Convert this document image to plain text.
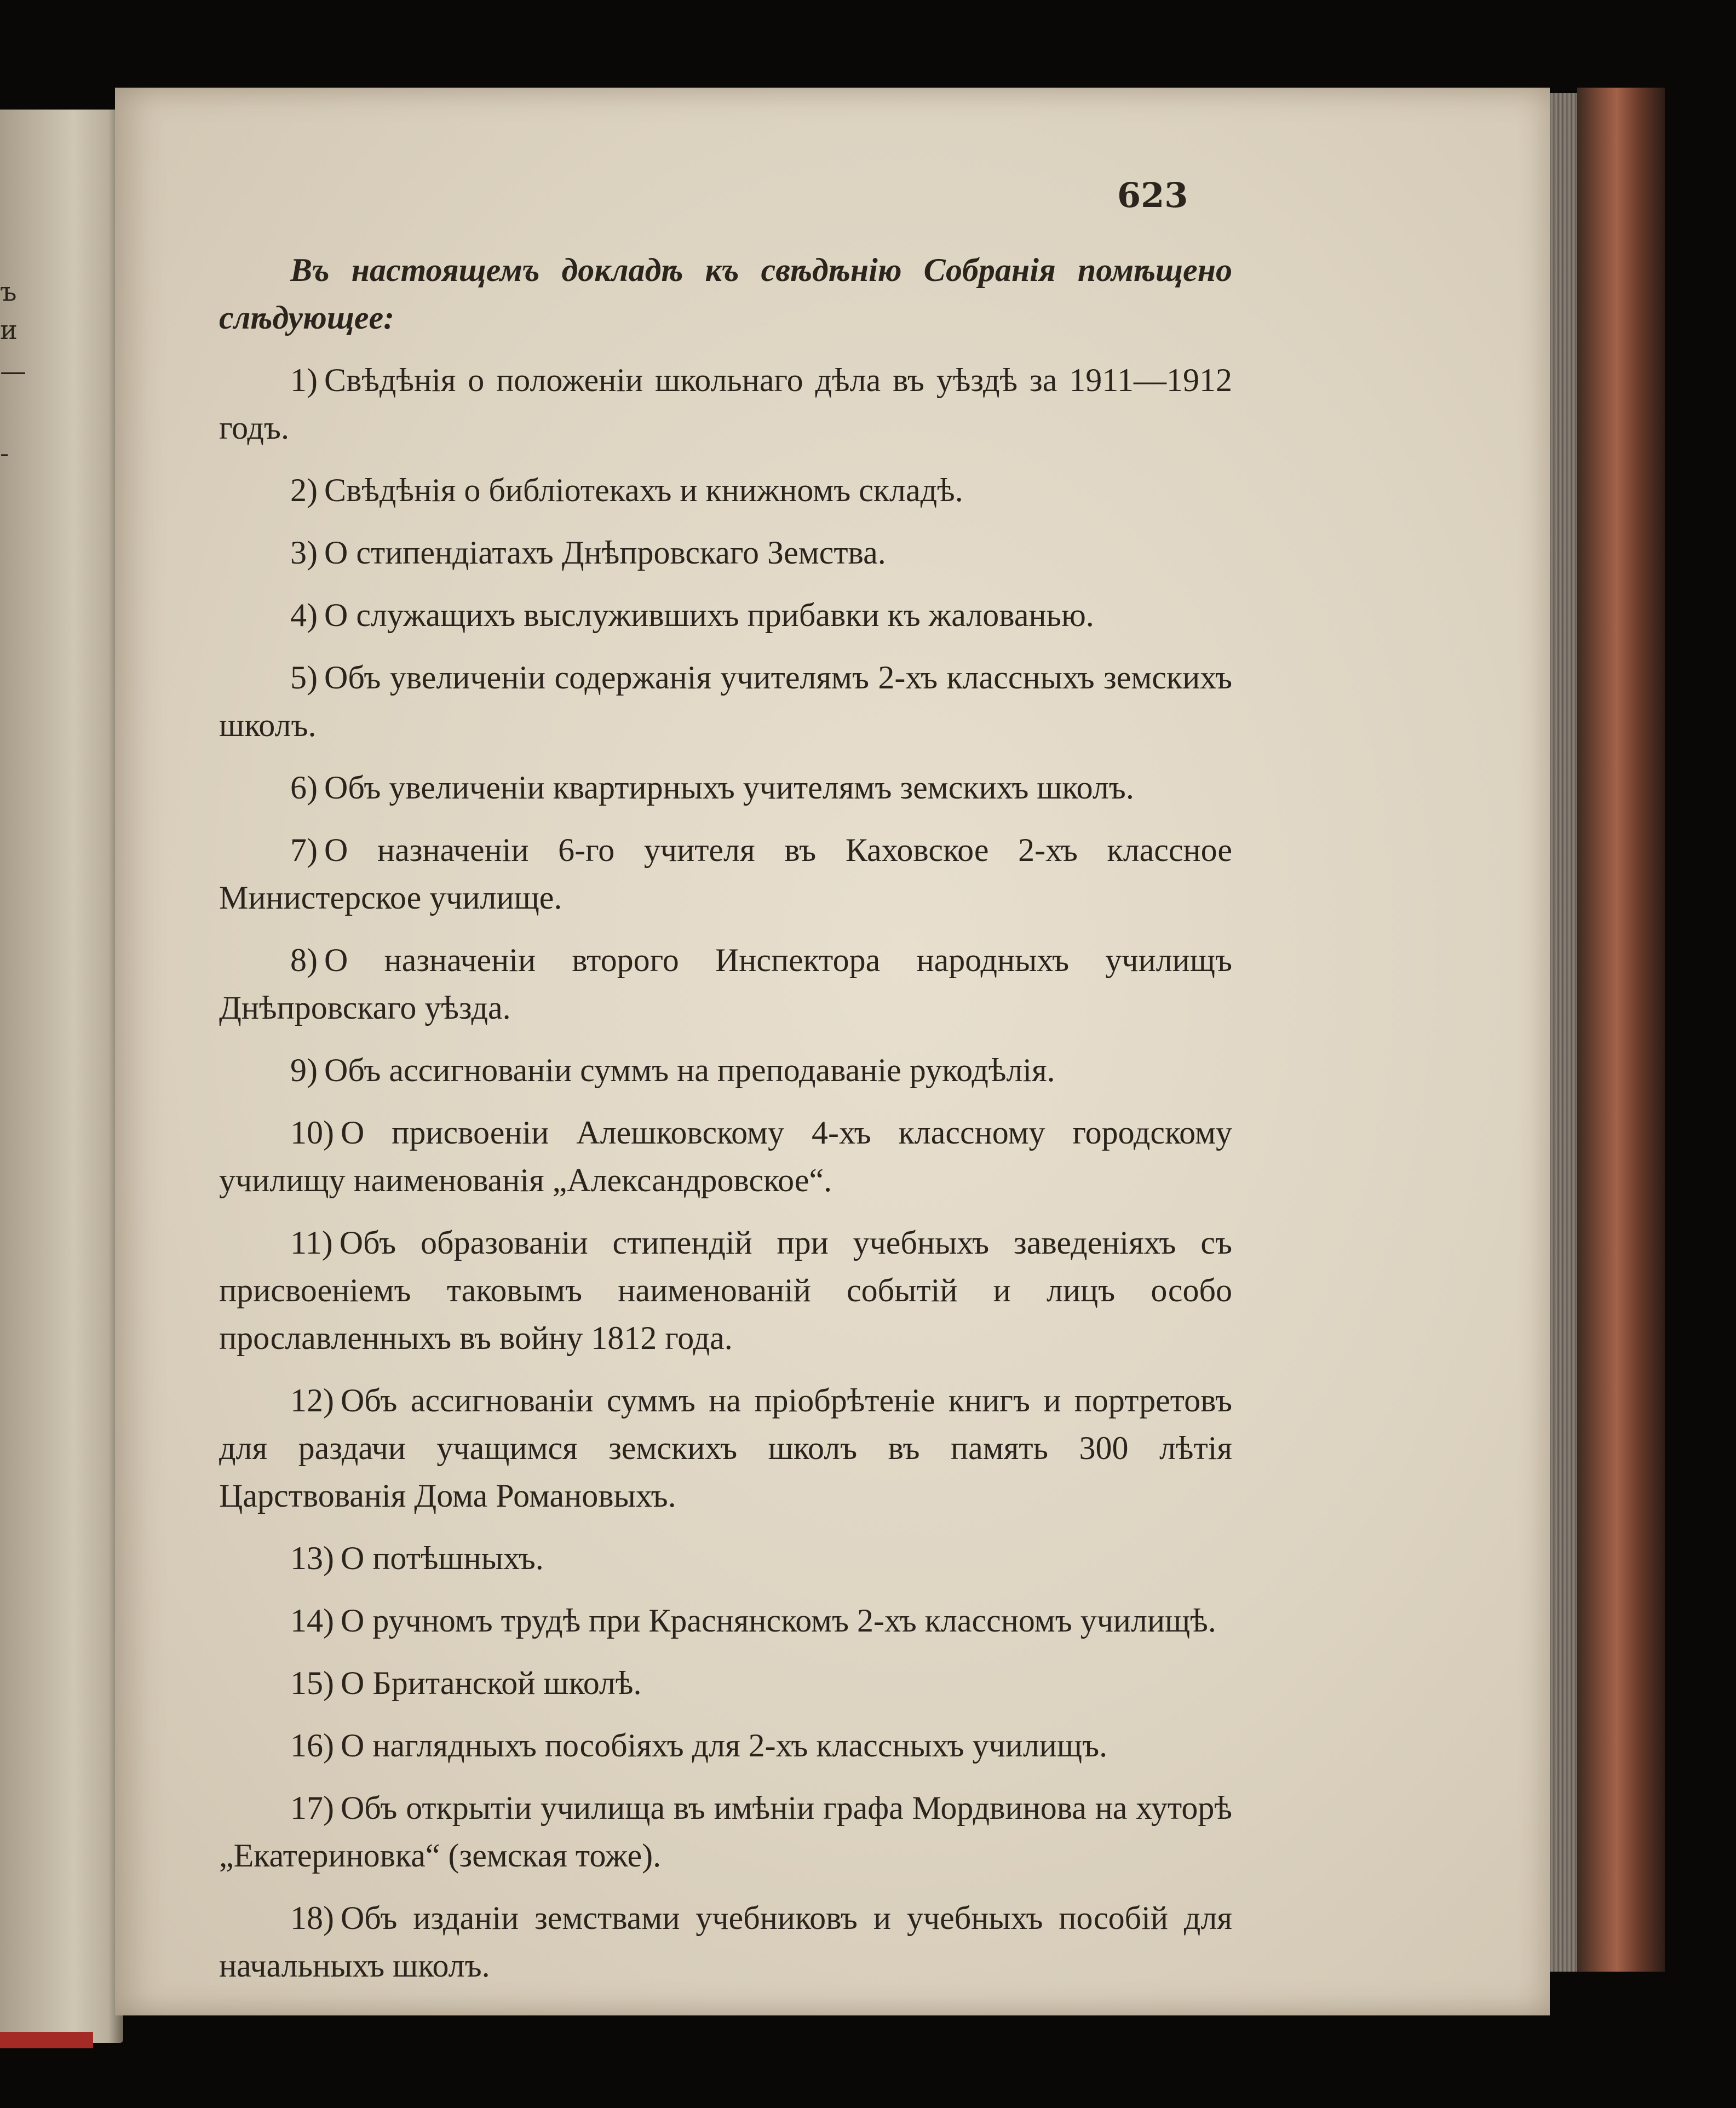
ъ
и
—
-
623

Въ настоящемъ докладѣ къ свѣдѣнію Собранія помѣщено слѣдующее:

1) Свѣдѣнія о положеніи школьнаго дѣла въ уѣздѣ за 1911—1912 годъ.

2) Свѣдѣнія о библіотекахъ и книжномъ складѣ.

3) О стипендіатахъ Днѣпровскаго Земства.

4) О служащихъ выслужившихъ прибавки къ жалованью.

5) Объ увеличеніи содержанія учителямъ 2-хъ классныхъ земскихъ школъ.

6) Объ увеличеніи квартирныхъ учителямъ земскихъ школъ.

7) О назначеніи 6-го учителя въ Каховское 2-хъ классное Министерское училище.

8) О назначеніи второго Инспектора народныхъ училищъ Днѣпровскаго уѣзда.

9) Объ ассигнованіи суммъ на преподаваніе рукодѣлія.

10) О присвоеніи Алешковскому 4-хъ классному городскому училищу наименованія „Александровское“.

11) Объ образованіи стипендій при учебныхъ заведеніяхъ съ присвоеніемъ таковымъ наименованій событій и лицъ особо прославленныхъ въ войну 1812 года.

12) Объ ассигнованіи суммъ на пріобрѣтеніе книгъ и портретовъ для раздачи учащимся земскихъ школъ въ память 300 лѣтія Царствованія Дома Романовыхъ.

13) О потѣшныхъ.

14) О ручномъ трудѣ при Краснянскомъ 2-хъ классномъ училищѣ.

15) О Британской школѣ.

16) О наглядныхъ пособіяхъ для 2-хъ классныхъ училищъ.

17) Объ открытіи училища въ имѣніи графа Мордвинова на хуторѣ „Екатериновка“ (земская тоже).

18) Объ изданіи земствами учебниковъ и учебныхъ пособій для начальныхъ школъ.
